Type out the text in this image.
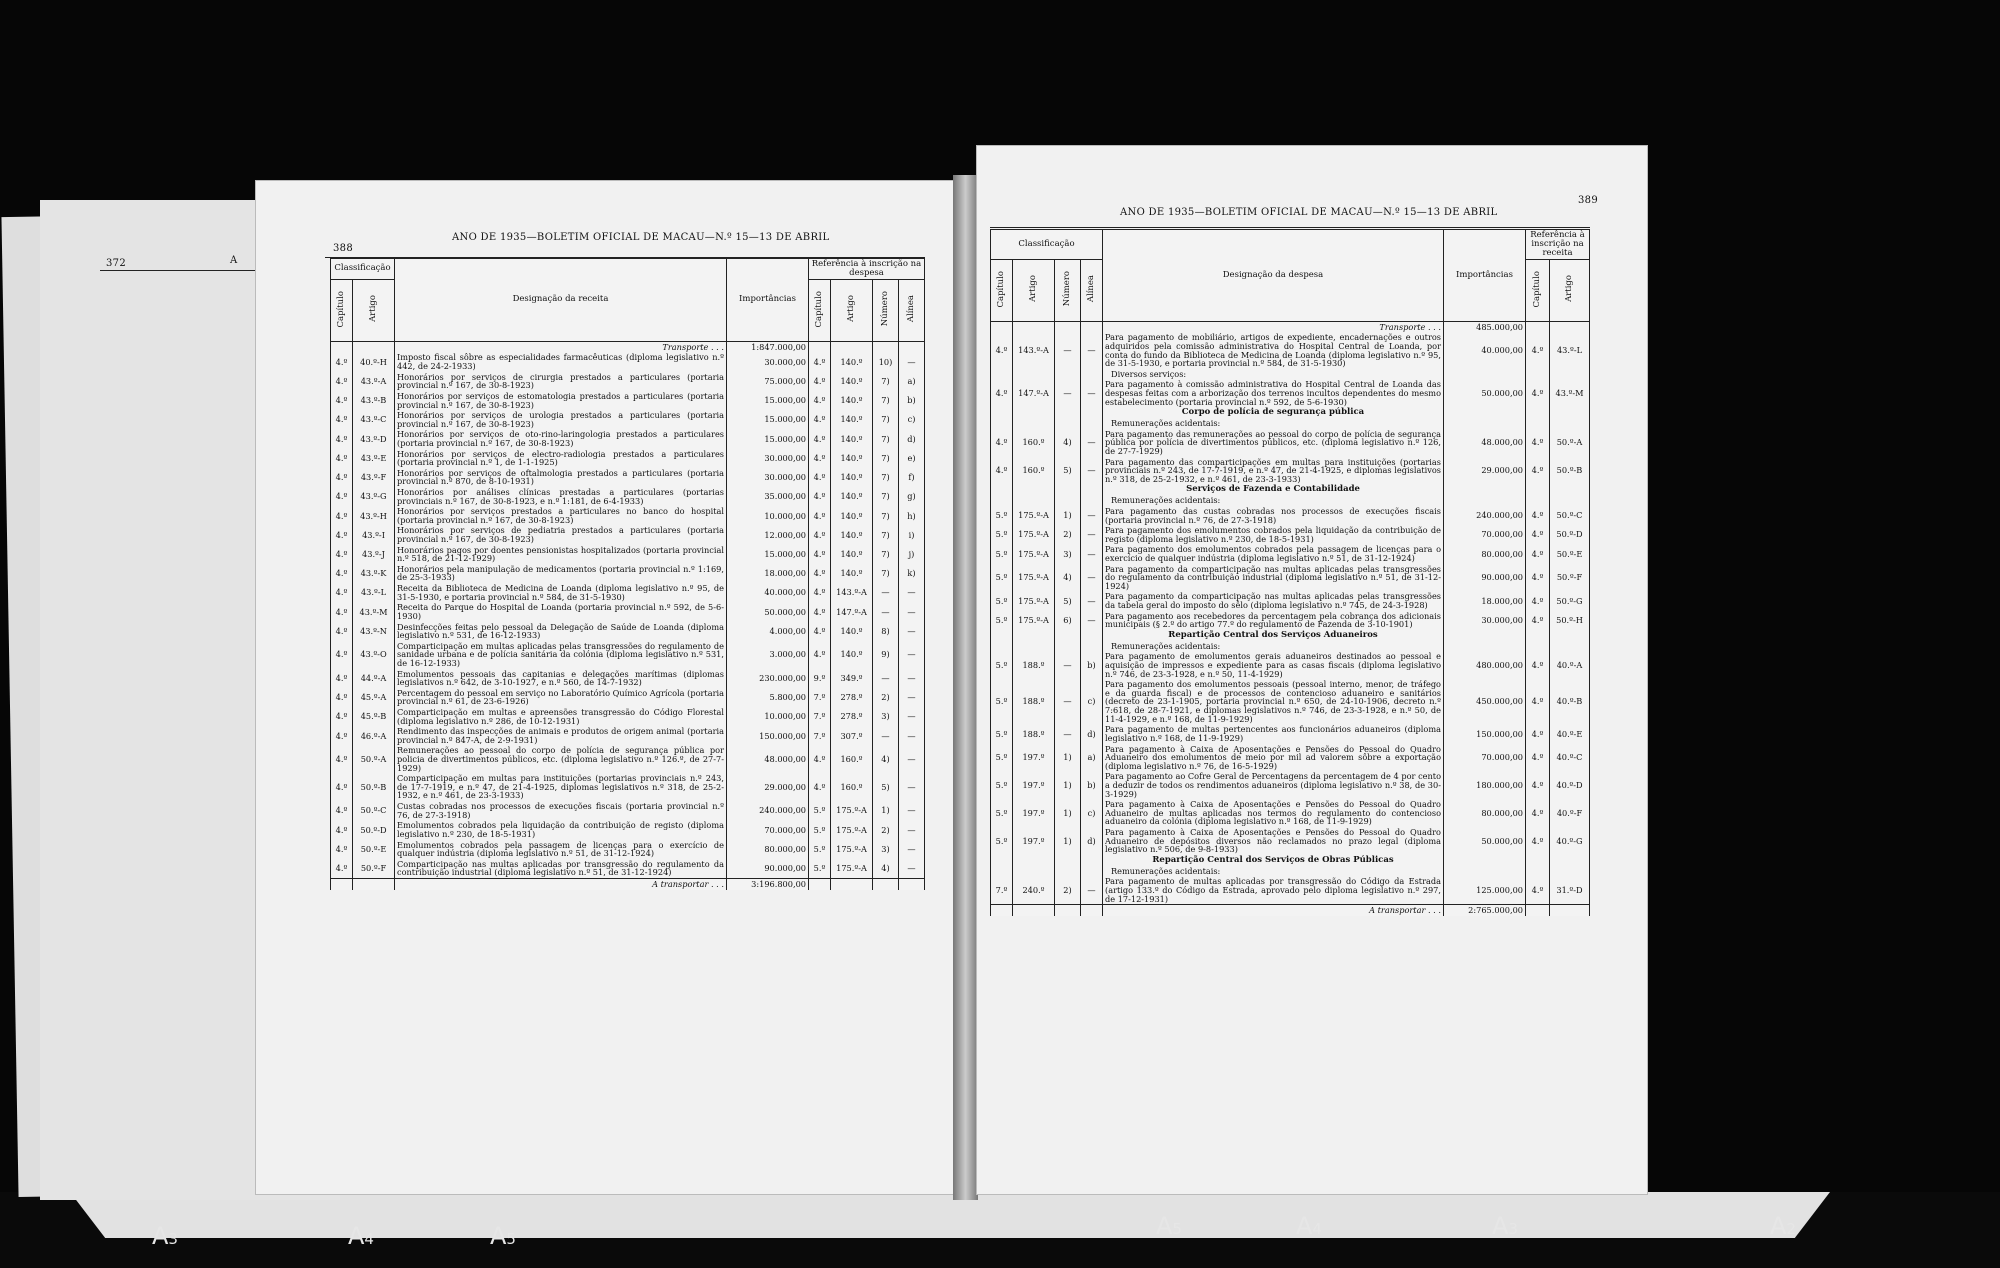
372	A
388
ANO DE 1935—BOLETIM OFICIAL DE MACAU—N.º 15—13 DE ABRIL
Classificação		Designação da receita	Importâncias	Referência à inscrição na despesa			
Capítulo	Artigo			Capítulo	Artigo	Número	Alínea
		Transporte . . .	1:847.000,00				
4.º	40.º-H	Imposto fiscal sôbre as especialidades farmacêuticas (diploma legislativo n.º 442, de 24-2-1933)	30.000,00	4.º	140.º	10)	—
4.º	43.º-A	Honorários por serviços de cirurgia prestados a particulares (portaria provincial n.º 167, de 30-8-1923)	75.000,00	4.º	140.º	7)	a)
4.º	43.º-B	Honorários por serviços de estomatologia prestados a particulares (portaria provincial n.º 167, de 30-8-1923)	15.000,00	4.º	140.º	7)	b)
4.º	43.º-C	Honorários por serviços de urologia prestados a particulares (portaria provincial n.º 167, de 30-8-1923)	15.000,00	4.º	140.º	7)	c)
4.º	43.º-D	Honorários por serviços de oto-rino-laringologia prestados a particulares (portaria provincial n.º 167, de 30-8-1923)	15.000,00	4.º	140.º	7)	d)
4.º	43.º-E	Honorários por serviços de electro-radiologia prestados a particulares (portaria provincial n.º 1, de 1-1-1925)	30.000,00	4.º	140.º	7)	e)
4.º	43.º-F	Honorários por serviços de oftalmologia prestados a particulares (portaria provincial n.º 870, de 8-10-1931)	30.000,00	4.º	140.º	7)	f)
4.º	43.º-G	Honorários por análises clínicas prestadas a particulares (portarias provinciais n.º 167, de 30-8-1923, e n.º 1:181, de 6-4-1933)	35.000,00	4.º	140.º	7)	g)
4.º	43.º-H	Honorários por serviços prestados a particulares no banco do hospital (portaria provincial n.º 167, de 30-8-1923)	10.000,00	4.º	140.º	7)	h)
4.º	43.º-I	Honorários por serviços de pediatria prestados a particulares (portaria provincial n.º 167, de 30-8-1923)	12.000,00	4.º	140.º	7)	i)
4.º	43.º-J	Honorários pagos por doentes pensionistas hospitalizados (portaria provincial n.º 518, de 21-12-1929)	15.000,00	4.º	140.º	7)	j)
4.º	43.º-K	Honorários pela manipulação de medicamentos (portaria provincial n.º 1:169, de 25-3-1933)	18.000,00	4.º	140.º	7)	k)
4.º	43.º-L	Receita da Biblioteca de Medicina de Loanda (diploma legislativo n.º 95, de 31-5-1930, e portaria provincial n.º 584, de 31-5-1930)	40.000,00	4.º	143.º-A	—	—
4.º	43.º-M	Receita do Parque do Hospital de Loanda (portaria provincial n.º 592, de 5-6-1930)	50.000,00	4.º	147.º-A	—	—
4.º	43.º-N	Desinfecções feitas pelo pessoal da Delegação de Saúde de Loanda (diploma legislativo n.º 531, de 16-12-1933)	4.000,00	4.º	140.º	8)	—
4.º	43.º-O	Comparticipação em multas aplicadas pelas transgressões do regulamento de sanidade urbana e de polícia sanitária da colónia (diploma legislativo n.º 531, de 16-12-1933)	3.000,00	4.º	140.º	9)	—
4.º	44.º-A	Emolumentos pessoais das capitanias e delegações marítimas (diplomas legislativos n.º 642, de 3-10-1927, e n.º 560, de 14-7-1932)	230.000,00	9.º	349.º	—	—
4.º	45.º-A	Percentagem do pessoal em serviço no Laboratório Químico Agrícola (portaria provincial n.º 61, de 23-6-1926)	5.800,00	7.º	278.º	2)	—
4.º	45.º-B	Comparticipação em multas e apreensões transgressão do Código Florestal (diploma legislativo n.º 286, de 10-12-1931)	10.000,00	7.º	278.º	3)	—
4.º	46.º-A	Rendimento das inspecções de animais e produtos de origem animal (portaria provincial n.º 847-A, de 2-9-1931)	150.000,00	7.º	307.º	—	—
4.º	50.º-A	Remunerações ao pessoal do corpo de polícia de segurança pública por policia de divertimentos públicos, etc. (diploma legislativo n.º 126.º, de 27-7-1929)	48.000,00	4.º	160.º	4)	—
4.º	50.º-B	Comparticipação em multas para instituições (portarias provinciais n.º 243, de 17-7-1919, e n.º 47, de 21-4-1925, diplomas legislativos n.º 318, de 25-2-1932, e n.º 461, de 23-3-1933)	29.000,00	4.º	160.º	5)	—
4.º	50.º-C	Custas cobradas nos processos de execuções fiscais (portaria provincial n.º 76, de 27-3-1918)	240.000,00	5.º	175.º-A	1)	—
4.º	50.º-D	Emolumentos cobrados pela liquidação da contribuição de registo (diploma legislativo n.º 230, de 18-5-1931)	70.000,00	5.º	175.º-A	2)	—
4.º	50.º-E	Emolumentos cobrados pela passagem de licenças para o exercício de qualquer indústria (diploma legislativo n.º 51, de 31-12-1924)	80.000,00	5.º	175.º-A	3)	—
4.º	50.º-F	Comparticipação nas multas aplicadas por transgressão do regulamento da contribuição industrial (diploma legislativo n.º 51, de 31-12-1924)	90.000,00	5.º	175.º-A	4)	—
		A transportar . . .	3:196.800,00				
ANO DE 1935—BOLETIM OFICIAL DE MACAU—N.º 15—13 DE ABRIL
389
Classificação				Designação da despesa	Importâncias	Referência à inscrição na receita	
Capítulo	Artigo	Número	Alínea			Capítulo	Artigo
				Transporte . . .	485.000,00		
4.º	143.º-A	—	—	Para pagamento de mobiliário, artigos de expediente, encadernações e outros adquiridos pela comissão administrativa do Hospital Central de Loanda, por conta do fundo da Biblioteca de Medicina de Loanda (diploma legislativo n.º 95, de 31-5-1930, e portaria provincial n.º 584, de 31-5-1930)	40.000,00	4.º	43.º-L
				Diversos serviços:			
4.º	147.º-A	—	—	Para pagamento à comissão administrativa do Hospital Central de Loanda das despesas feitas com a arborização dos terrenos incultos dependentes do mesmo estabelecimento (portaria provincial n.º 592, de 5-6-1930)	50.000,00	4.º	43.º-M
				Corpo de polícia de segurança pública			
				Remunerações acidentais:			
4.º	160.º	4)	—	Para pagamento das remunerações ao pessoal do corpo de polícia de segurança pública por polícia de divertimentos públicos, etc. (diploma legislativo n.º 126, de 27-7-1929)	48.000,00	4.º	50.º-A
4.º	160.º	5)	—	Para pagamento das comparticipações em multas para instituições (portarias provinciais n.º 243, de 17-7-1919, e n.º 47, de 21-4-1925, e diplomas legislativos n.º 318, de 25-2-1932, e n.º 461, de 23-3-1933)	29.000,00	4.º	50.º-B
				Serviços de Fazenda e Contabilidade			
				Remunerações acidentais:			
5.º	175.º-A	1)	—	Para pagamento das custas cobradas nos processos de execuções fiscais (portaria provincial n.º 76, de 27-3-1918)	240.000,00	4.º	50.º-C
5.º	175.º-A	2)	—	Para pagamento dos emolumentos cobrados pela liquidação da contribuição de registo (diploma legislativo n.º 230, de 18-5-1931)	70.000,00	4.º	50.º-D
5.º	175.º-A	3)	—	Para pagamento dos emolumentos cobrados pela passagem de licenças para o exercício de qualquer indústria (diploma legislativo n.º 51, de 31-12-1924)	80.000,00	4.º	50.º-E
5.º	175.º-A	4)	—	Para pagamento da comparticipação nas multas aplicadas pelas transgressões do regulamento da contribuição industrial (diploma legislativo n.º 51, de 31-12-1924)	90.000,00	4.º	50.º-F
5.º	175.º-A	5)	—	Para pagamento da comparticipação nas multas aplicadas pelas transgressões da tabela geral do imposto do sêlo (diploma legislativo n.º 745, de 24-3-1928)	18.000,00	4.º	50.º-G
5.º	175.º-A	6)	—	Para pagamento aos recebedores da percentagem pela cobrança dos adicionais municipais (§ 2.º do artigo 77.º do regulamento de Fazenda de 3-10-1901)	30.000,00	4.º	50.º-H
				Repartição Central dos Serviços Aduaneiros			
				Remunerações acidentais:			
5.º	188.º	—	b)	Para pagamento de emolumentos gerais aduaneiros destinados ao pessoal e aquisição de impressos e expediente para as casas fiscais (diploma legislativo n.º 746, de 23-3-1928, e n.º 50, 11-4-1929)	480.000,00	4.º	40.º-A
5.º	188.º	—	c)	Para pagamento dos emolumentos pessoais (pessoal interno, menor, de tráfego e da guarda fiscal) e de processos de contencioso aduaneiro e sanitários (decreto de 23-1-1905, portaria provincial n.º 650, de 24-10-1906, decreto n.º 7:618, de 28-7-1921, e diplomas legislativos n.º 746, de 23-3-1928, e n.º 50, de 11-4-1929, e n.º 168, de 11-9-1929)	450.000,00	4.º	40.º-B
5.º	188.º	—	d)	Para pagamento de multas pertencentes aos funcionários aduaneiros (diploma legislativo n.º 168, de 11-9-1929)	150.000,00	4.º	40.º-E
5.º	197.º	1)	a)	Para pagamento à Caixa de Aposentações e Pensões do Pessoal do Quadro Aduaneiro dos emolumentos de meio por mil ad valorem sôbre a exportação (diploma legislativo n.º 76, de 16-5-1929)	70.000,00	4.º	40.º-C
5.º	197.º	1)	b)	Para pagamento ao Cofre Geral de Percentagens da percentagem de 4 por cento a deduzir de todos os rendimentos aduaneiros (diploma legislativo n.º 38, de 30-3-1929)	180.000,00	4.º	40.º-D
5.º	197.º	1)	c)	Para pagamento à Caixa de Aposentações e Pensões do Pessoal do Quadro Aduaneiro de multas aplicadas nos termos do regulamento do contencioso aduaneiro da colónia (diploma legislativo n.º 168, de 11-9-1929)	80.000,00	4.º	40.º-F
5.º	197.º	1)	d)	Para pagamento à Caixa de Aposentações e Pensões do Pessoal do Quadro Aduaneiro de depósitos diversos não reclamados no prazo legal (diploma legislativo n.º 506, de 9-8-1933)	50.000,00	4.º	40.º-G
				Repartição Central dos Serviços de Obras Públicas			
				Remunerações acidentais:			
7.º	240.º	2)	—	Para pagamento de multas aplicadas por transgressão do Código da Estrada (artigo 133.º do Código da Estrada, aprovado pelo diploma legislativo n.º 297, de 17-12-1931)	125.000,00	4.º	31.º-D
				A transportar . . .	2:765.000,00		
A3	A4	A5	A5	A4	A3	A2
